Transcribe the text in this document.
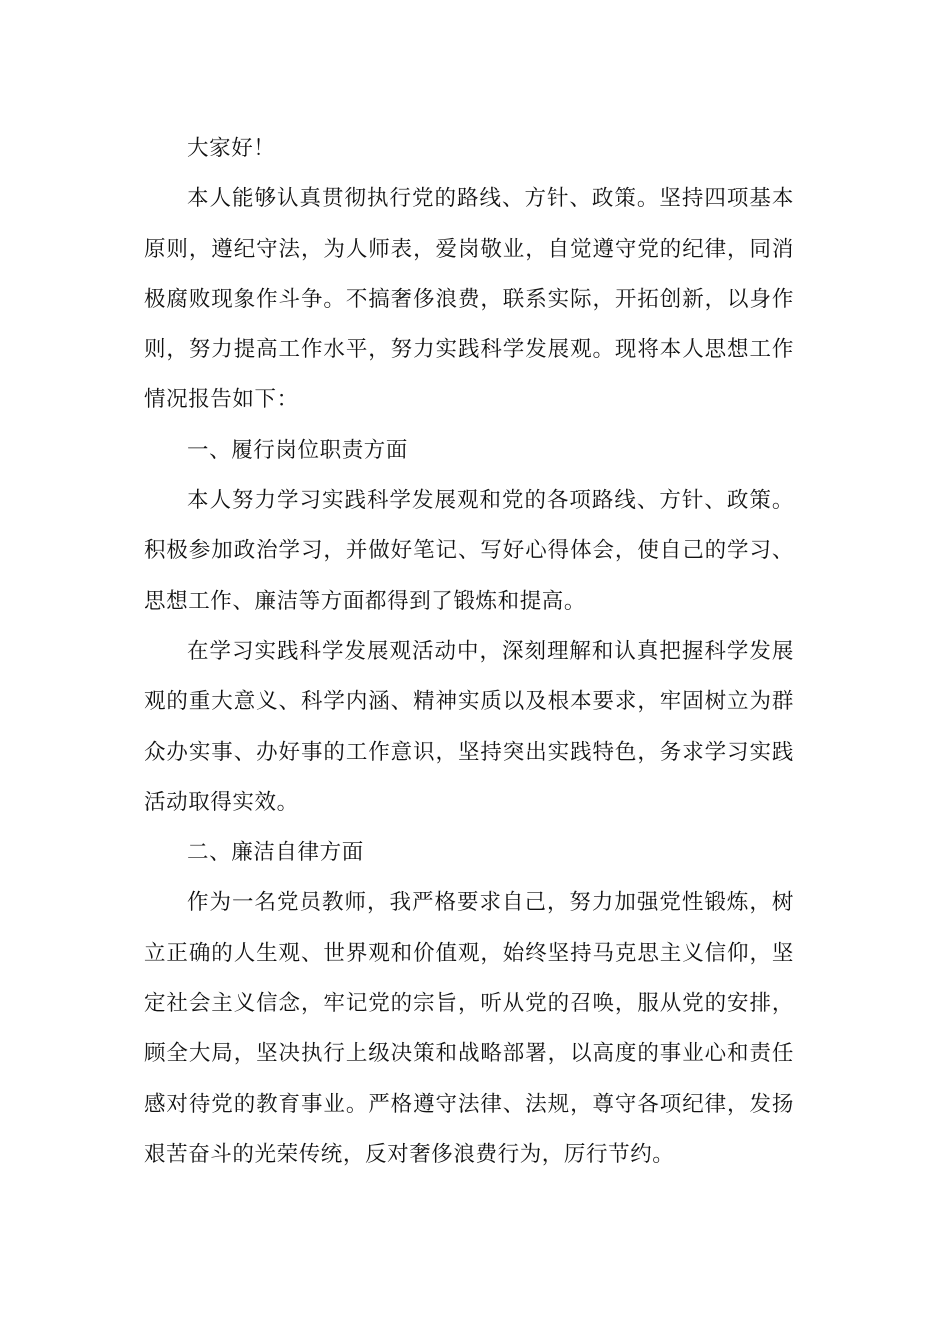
大家好！

本人能够认真贯彻执行党的路线、方针、政策。坚持四项基本原则，遵纪守法，为人师表，爱岗敬业，自觉遵守党的纪律，同消极腐败现象作斗争。不搞奢侈浪费，联系实际，开拓创新，以身作则，努力提高工作水平，努力实践科学发展观。现将本人思想工作情况报告如下：

一、履行岗位职责方面

本人努力学习实践科学发展观和党的各项路线、方针、政策。积极参加政治学习，并做好笔记、写好心得体会，使自己的学习、思想工作、廉洁等方面都得到了锻炼和提高。

在学习实践科学发展观活动中，深刻理解和认真把握科学发展观的重大意义、科学内涵、精神实质以及根本要求，牢固树立为群众办实事、办好事的工作意识，坚持突出实践特色，务求学习实践活动取得实效。

二、廉洁自律方面

作为一名党员教师，我严格要求自己，努力加强党性锻炼，树立正确的人生观、世界观和价值观，始终坚持马克思主义信仰，坚定社会主义信念，牢记党的宗旨，听从党的召唤，服从党的安排，顾全大局，坚决执行上级决策和战略部署，以高度的事业心和责任感对待党的教育事业。严格遵守法律、法规，尊守各项纪律，发扬艰苦奋斗的光荣传统，反对奢侈浪费行为，厉行节约。
